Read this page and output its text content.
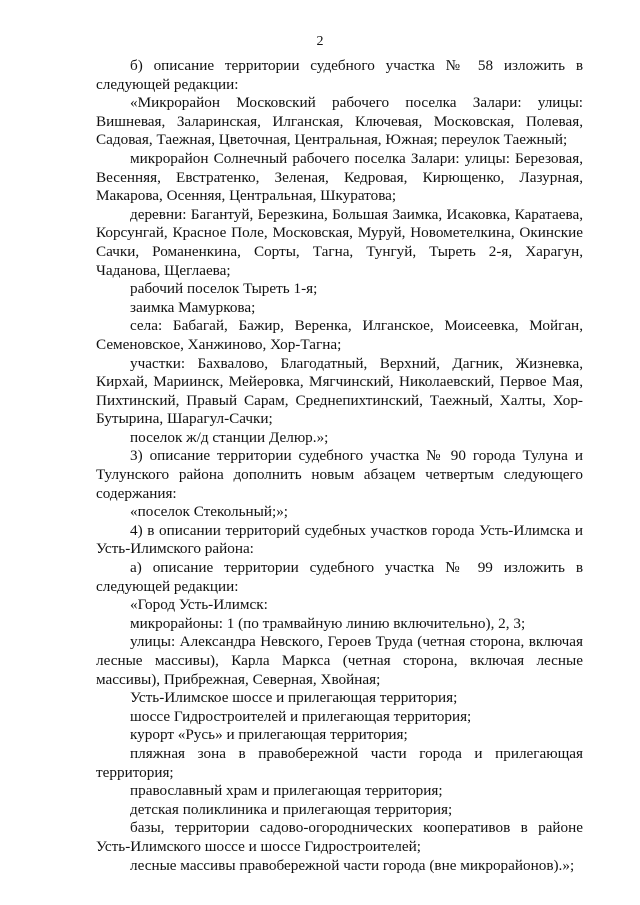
2

б) описание территории судебного участка № 58 изложить в следующей редакции:

«Микрорайон Московский рабочего поселка Залари: улицы: Вишневая, Заларинская, Илганская, Ключевая, Московская, Полевая, Садовая, Таежная, Цветочная, Центральная, Южная; переулок Таежный;

микрорайон Солнечный рабочего поселка Залари: улицы: Березовая, Весенняя, Евстратенко, Зеленая, Кедровая, Кирющенко, Лазурная, Макарова, Осенняя, Центральная, Шкуратова;

деревни: Багантуй, Березкина, Большая Заимка, Исаковка, Каратаева, Корсунгай, Красное Поле, Московская, Муруй, Новометелкина, Окинские Сачки, Романенкина, Сорты, Тагна, Тунгуй, Тыреть 2-я, Харагун, Чаданова, Щеглаева;

рабочий поселок Тыреть 1-я;

заимка Мамуркова;

села: Бабагай, Бажир, Веренка, Илганское, Моисеевка, Мойган, Семеновское, Ханжиново, Хор-Тагна;

участки: Бахвалово, Благодатный, Верхний, Дагник, Жизневка, Кирхай, Мариинск, Мейеровка, Мягчинский, Николаевский, Первое Мая, Пихтинский, Правый Сарам, Среднепихтинский, Таежный, Халты, Хор-Бутырина, Шарагул-Сачки;

поселок ж/д станции Делюр.»;

3) описание территории судебного участка № 90 города Тулуна и Тулунского района дополнить новым абзацем четвертым следующего содержания:

«поселок Стекольный;»;

4) в описании территорий судебных участков города Усть-Илимска и Усть-Илимского района:

а) описание территории судебного участка № 99 изложить в следующей редакции:

«Город Усть-Илимск:

микрорайоны: 1 (по трамвайную линию включительно), 2, 3;

улицы: Александра Невского, Героев Труда (четная сторона, включая лесные массивы), Карла Маркса (четная сторона, включая лесные массивы), Прибрежная, Северная, Хвойная;

Усть-Илимское шоссе и прилегающая территория;

шоссе Гидростроителей и прилегающая территория;

курорт «Русь» и прилегающая территория;

пляжная зона в правобережной части города и прилегающая территория;

православный храм и прилегающая территория;

детская поликлиника и прилегающая территория;

базы, территории садово-огороднических кооперативов в районе Усть-Илимского шоссе и шоссе Гидростроителей;

лесные массивы правобережной части города (вне микрорайонов).»;
